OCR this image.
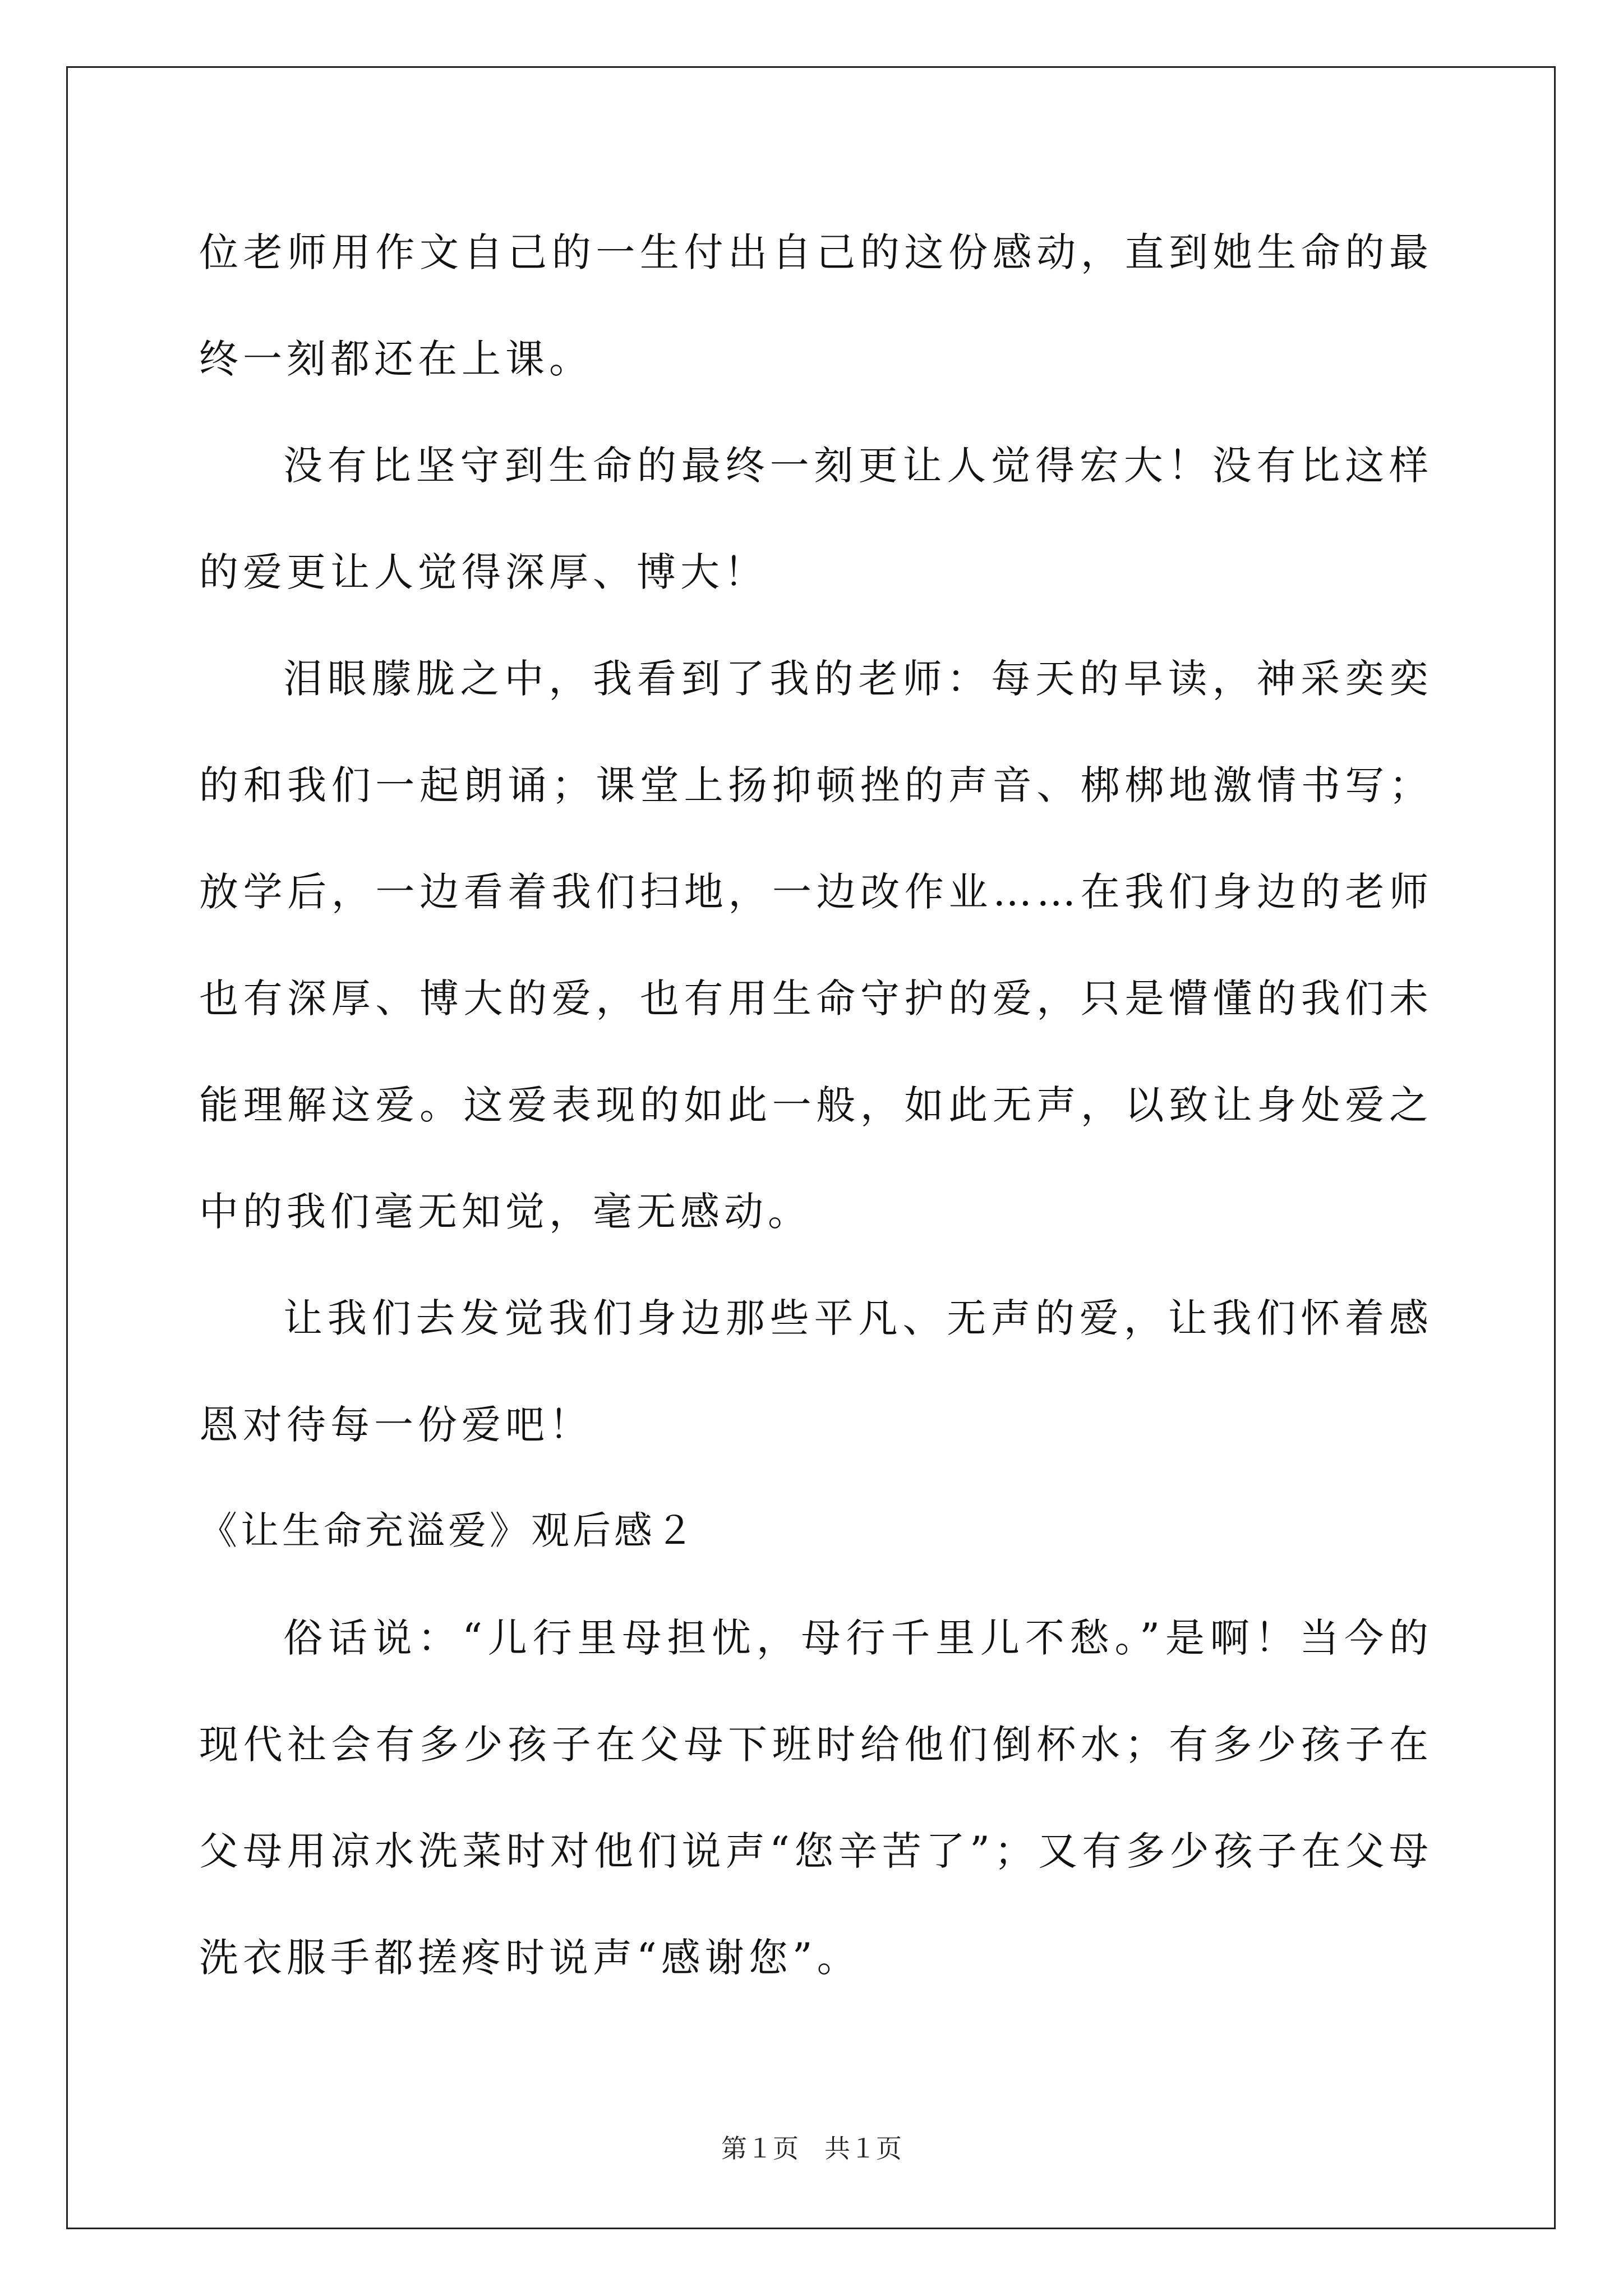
位老师用作文自己的一生付出自己的这份感动，直到她生命的最终一刻都还在上课。

没有比坚守到生命的最终一刻更让人觉得宏大！没有比这样的爱更让人觉得深厚、博大！

泪眼朦胧之中，我看到了我的老师：每天的早读，神采奕奕的和我们一起朗诵；课堂上扬抑顿挫的声音、梆梆地激情书写；放学后，一边看着我们扫地，一边改作业……在我们身边的老师也有深厚、博大的爱，也有用生命守护的爱，只是懵懂的我们未能理解这爱。这爱表现的如此一般，如此无声，以致让身处爱之中的我们毫无知觉，毫无感动。

让我们去发觉我们身边那些平凡、无声的爱，让我们怀着感恩对待每一份爱吧！

《让生命充溢爱》观后感２

俗话说：“儿行里母担忧，母行千里儿不愁。”是啊！当今的现代社会有多少孩子在父母下班时给他们倒杯水；有多少孩子在父母用凉水洗菜时对他们说声“您辛苦了”；又有多少孩子在父母洗衣服手都搓疼时说声“感谢您”。

第１页　共１页
